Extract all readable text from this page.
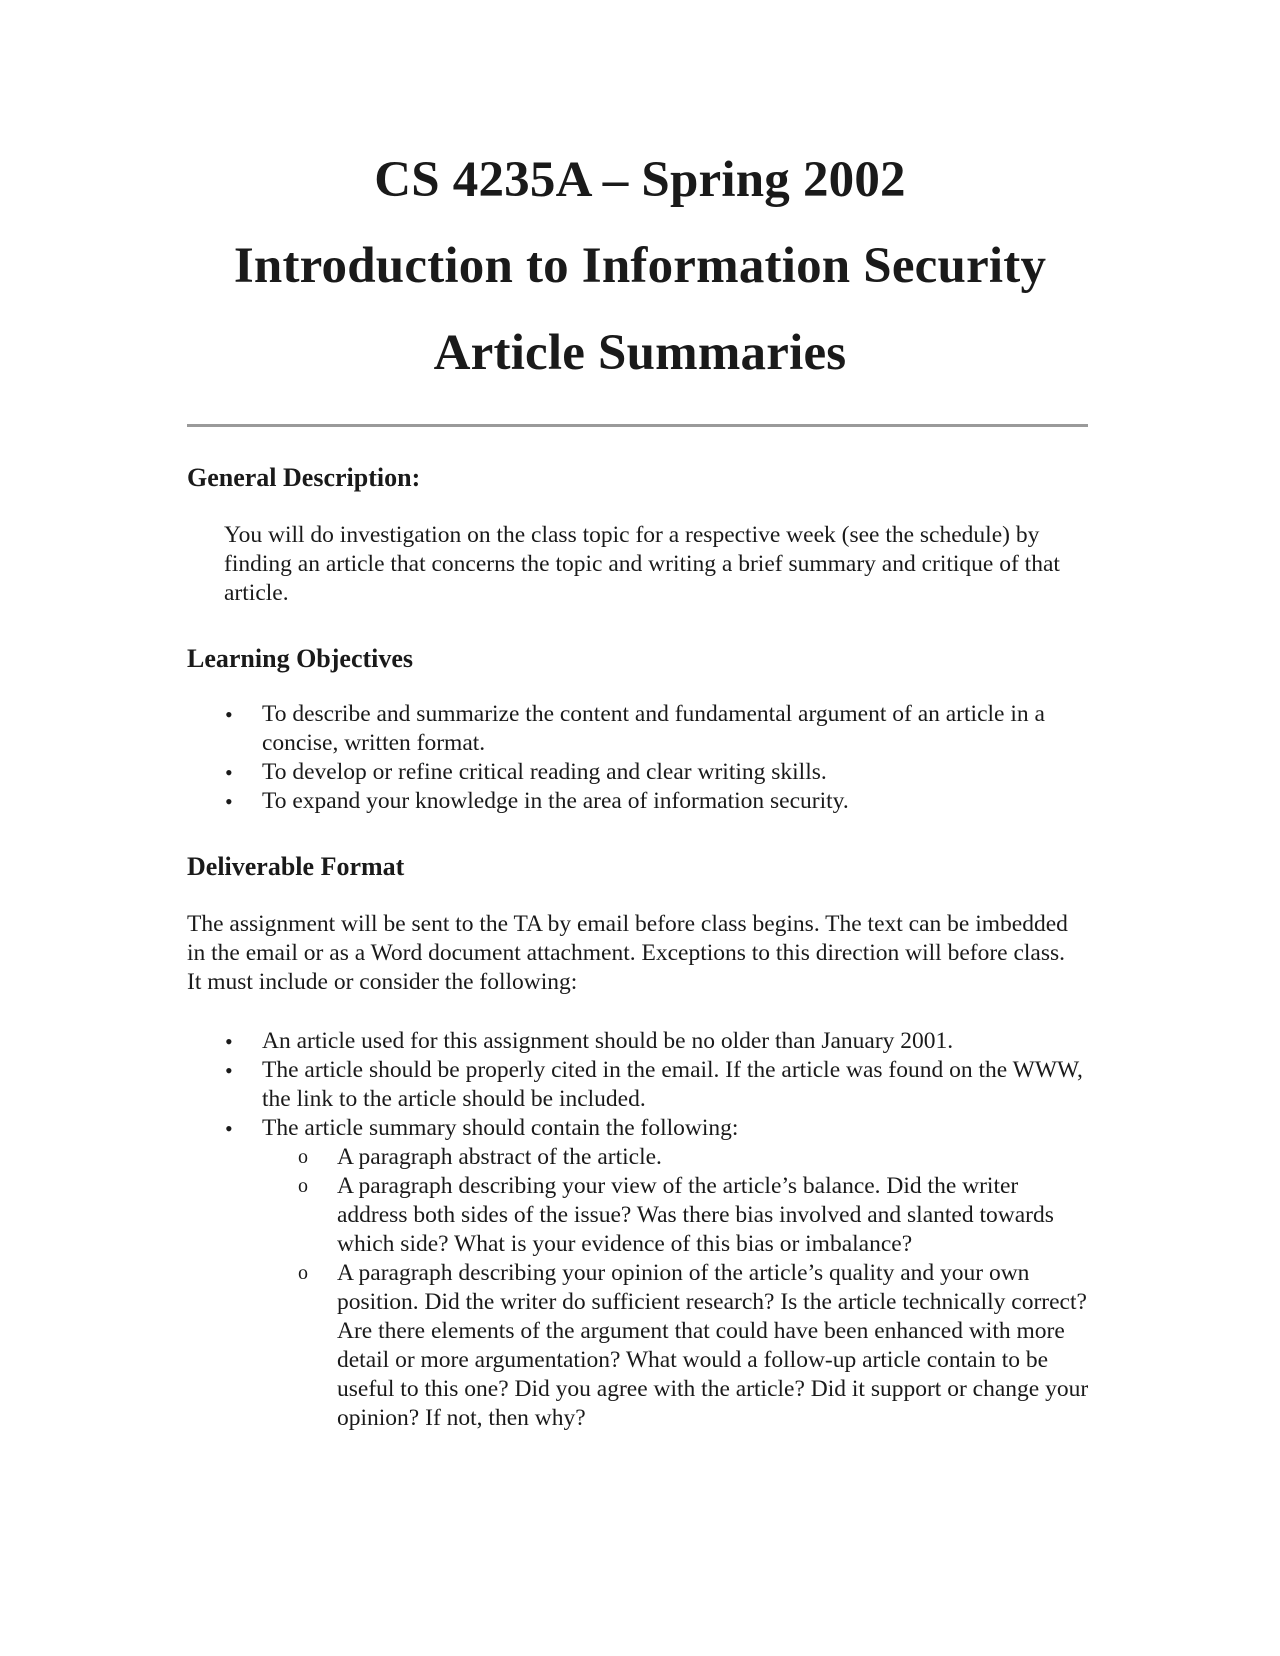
CS 4235A – Spring 2002
Introduction to Information Security
Article Summaries
General Description:

You will do investigation on the class topic for a respective week (see the schedule) by finding an article that concerns the topic and writing a brief summary and critique of that article.

Learning Objectives
• To describe and summarize the content and fundamental argument of an article in a concise, written format.
• To develop or refine critical reading and clear writing skills.
• To expand your knowledge in the area of information security.
Deliverable Format

The assignment will be sent to the TA by email before class begins. The text can be imbedded in the email or as a Word document attachment. Exceptions to this direction will before class. It must include or consider the following:

• An article used for this assignment should be no older than January 2001.
• The article should be properly cited in the email. If the article was found on the WWW, the link to the article should be included.
• The article summary should contain the following:
o A paragraph abstract of the article.
o A paragraph describing your view of the article’s balance. Did the writer address both sides of the issue? Was there bias involved and slanted towards which side? What is your evidence of this bias or imbalance?
o A paragraph describing your opinion of the article’s quality and your own position. Did the writer do sufficient research? Is the article technically correct? Are there elements of the argument that could have been enhanced with more detail or more argumentation? What would a follow-up article contain to be useful to this one? Did you agree with the article? Did it support or change your opinion? If not, then why?
